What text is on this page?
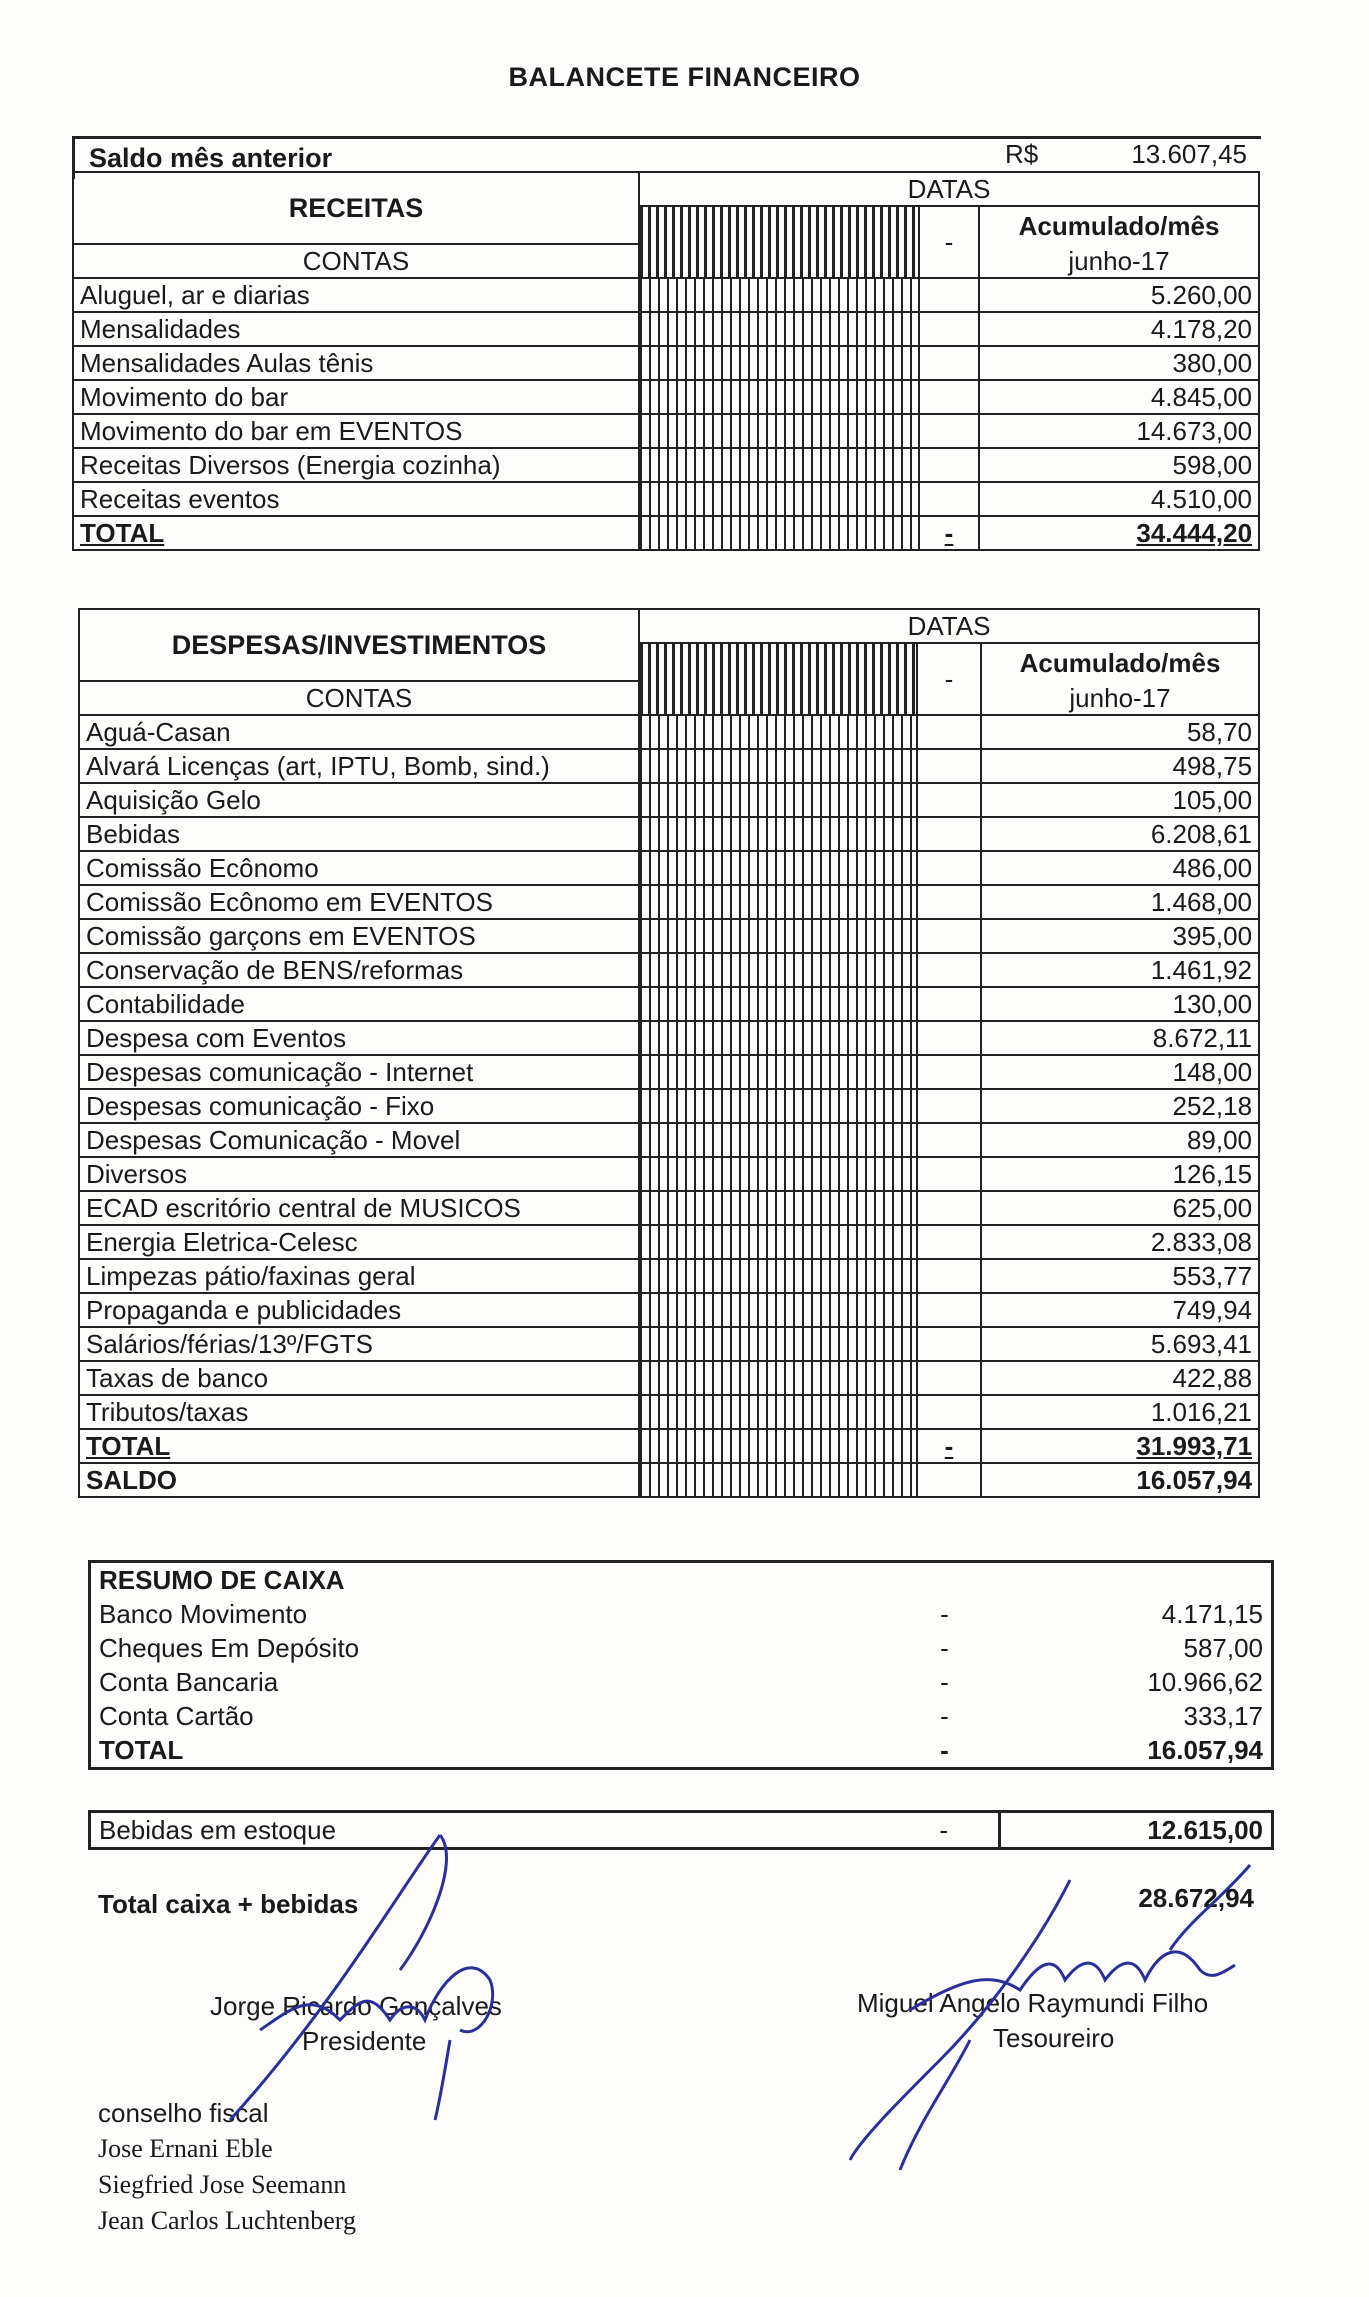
BALANCETE FINANCEIRO
Saldo mês anterior	R$	13.607,45
RECEITAS	DATAS		
		-	Acumulado/mês
CONTAS			junho-17
Aluguel, ar e diarias			5.260,00
Mensalidades			4.178,20
Mensalidades Aulas tênis			380,00
Movimento do bar			4.845,00
Movimento do bar em EVENTOS			14.673,00
Receitas Diversos (Energia cozinha)			598,00
Receitas eventos			4.510,00
TOTAL		-	34.444,20
DESPESAS/INVESTIMENTOS	DATAS		
		-	Acumulado/mês
CONTAS			junho-17
Aguá-Casan			58,70
Alvará Licenças (art, IPTU, Bomb, sind.)			498,75
Aquisição Gelo			105,00
Bebidas			6.208,61
Comissão Ecônomo			486,00
Comissão Ecônomo em EVENTOS			1.468,00
Comissão garçons em EVENTOS			395,00
Conservação de BENS/reformas			1.461,92
Contabilidade			130,00
Despesa com Eventos			8.672,11
Despesas comunicação - Internet			148,00
Despesas comunicação - Fixo			252,18
Despesas Comunicação - Movel			89,00
Diversos			126,15
ECAD escritório central de MUSICOS			625,00
Energia Eletrica-Celesc			2.833,08
Limpezas pátio/faxinas geral			553,77
Propaganda e publicidades			749,94
Salários/férias/13º/FGTS			5.693,41
Taxas de banco			422,88
Tributos/taxas			1.016,21
TOTAL		-	31.993,71
SALDO			16.057,94
RESUMO DE CAIXA		
Banco Movimento	-	4.171,15
Cheques Em Depósito	-	587,00
Conta Bancaria	-	10.966,62
Conta Cartão	-	333,17
TOTAL	-	16.057,94
Bebidas em estoque	-	12.615,00
Total caixa + bebidas	28.672,94
Jorge Ricardo Gonçalves
Presidente
Miguel Angelo Raymundi Filho
Tesoureiro
conselho fiscal
Jose Ernani Eble
Siegfried Jose Seemann
Jean Carlos Luchtenberg
